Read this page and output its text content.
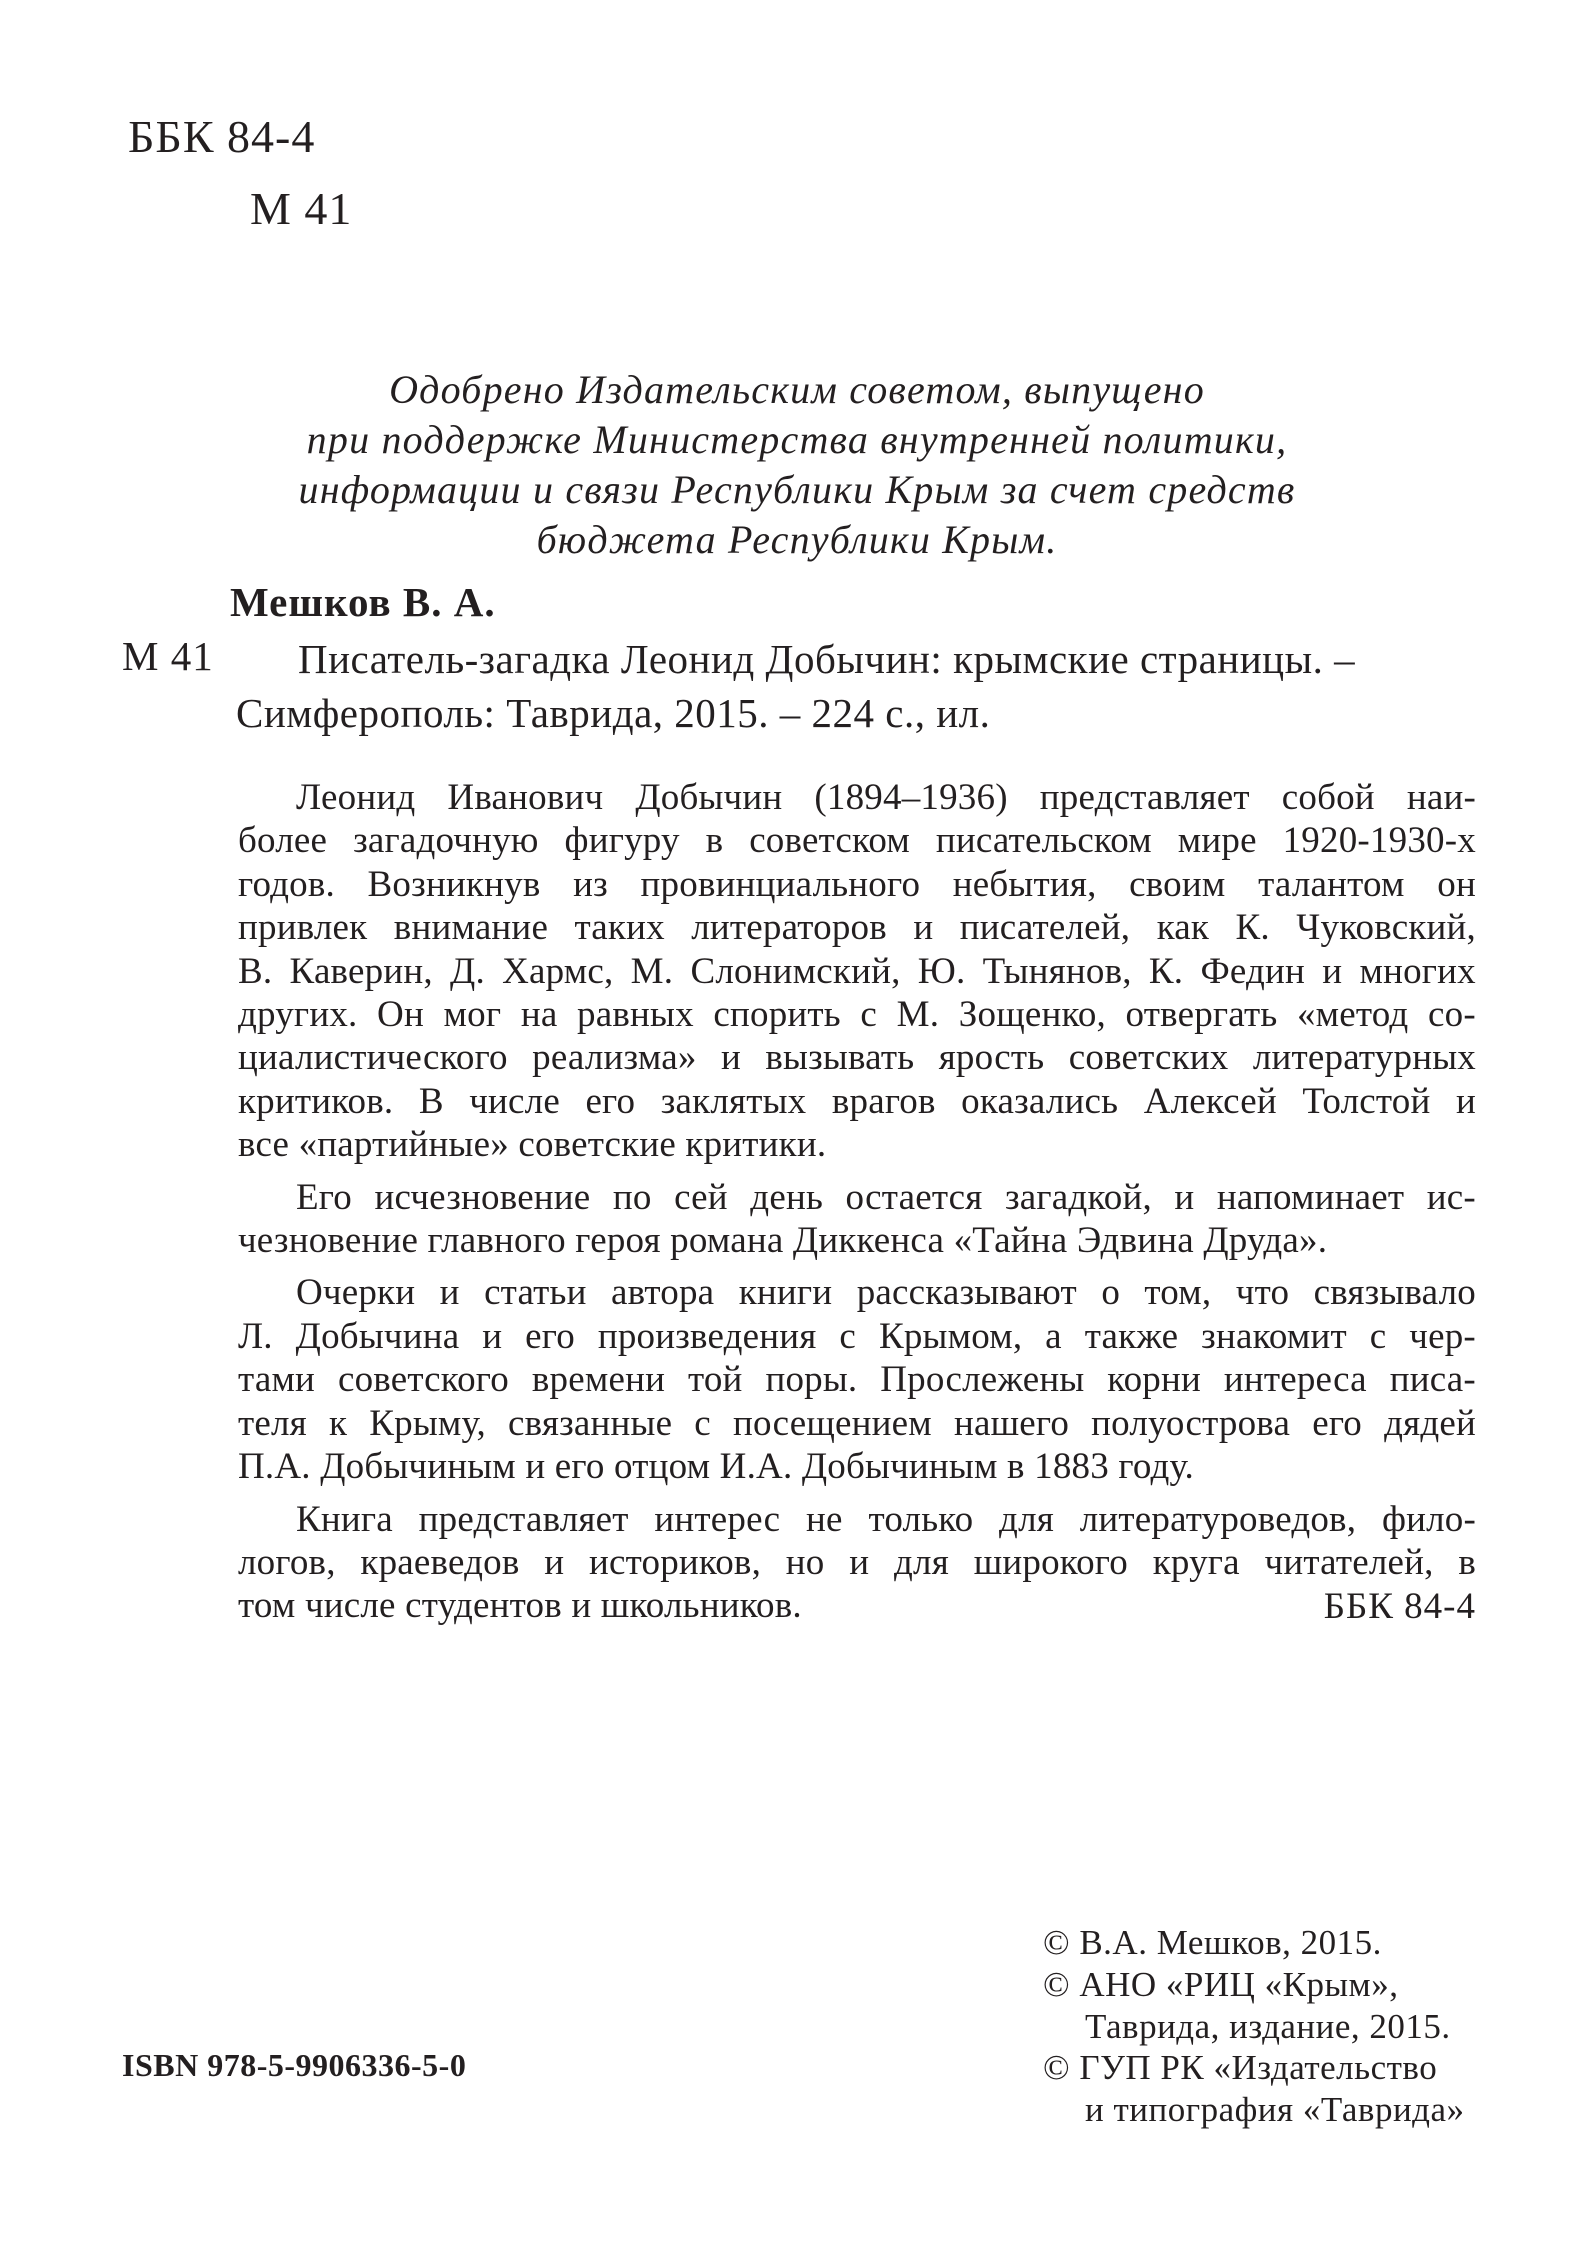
ББК 84-4
М 41
Одобрено Издательским советом, выпущено
при поддержке Министерства внутренней политики,
информации и связи Республики Крым за счет средств
бюджета Республики Крым.
Мешков В. А.
М 41 Писатель-загадка Леонид Добычин: крымские страницы. –
Симферополь: Таврида, 2015. – 224 с., ил.

Леонид Иванович Добычин (1894–1936) представляет собой наи-
более загадочную фигуру в советском писательском мире 1920-1930-х
годов. Возникнув из провинциального небытия, своим талантом он
привлек внимание таких литераторов и писателей, как К. Чуковский,
В. Каверин, Д. Хармс, М. Слонимский, Ю. Тынянов, К. Федин и многих
других. Он мог на равных спорить с М. Зощенко, отвергать «метод со-
циалистического реализма» и вызывать ярость советских литературных
критиков. В числе его заклятых врагов оказались Алексей Толстой и
все «партийные» советские критики.

Его исчезновение по сей день остается загадкой, и напоминает ис-
чезновение главного героя романа Диккенса «Тайна Эдвина Друда».

Очерки и статьи автора книги рассказывают о том, что связывало
Л. Добычина и его произведения с Крымом, а также знакомит с чер-
тами советского времени той поры. Прослежены корни интереса писа-
теля к Крыму, связанные с посещением нашего полуострова его дядей
П.А. Добычиным и его отцом И.А. Добычиным в 1883 году.

Книга представляет интерес не только для литературоведов, фило-
логов, краеведов и историков, но и для широкого круга читателей, в
том числе студентов и школьников.	ББК 84-4
© В.А. Мешков, 2015.
© АНО «РИЦ «Крым»,
Таврида, издание, 2015.
© ГУП РК «Издательство
и типография «Таврида»
ISBN 978-5-9906336-5-0
